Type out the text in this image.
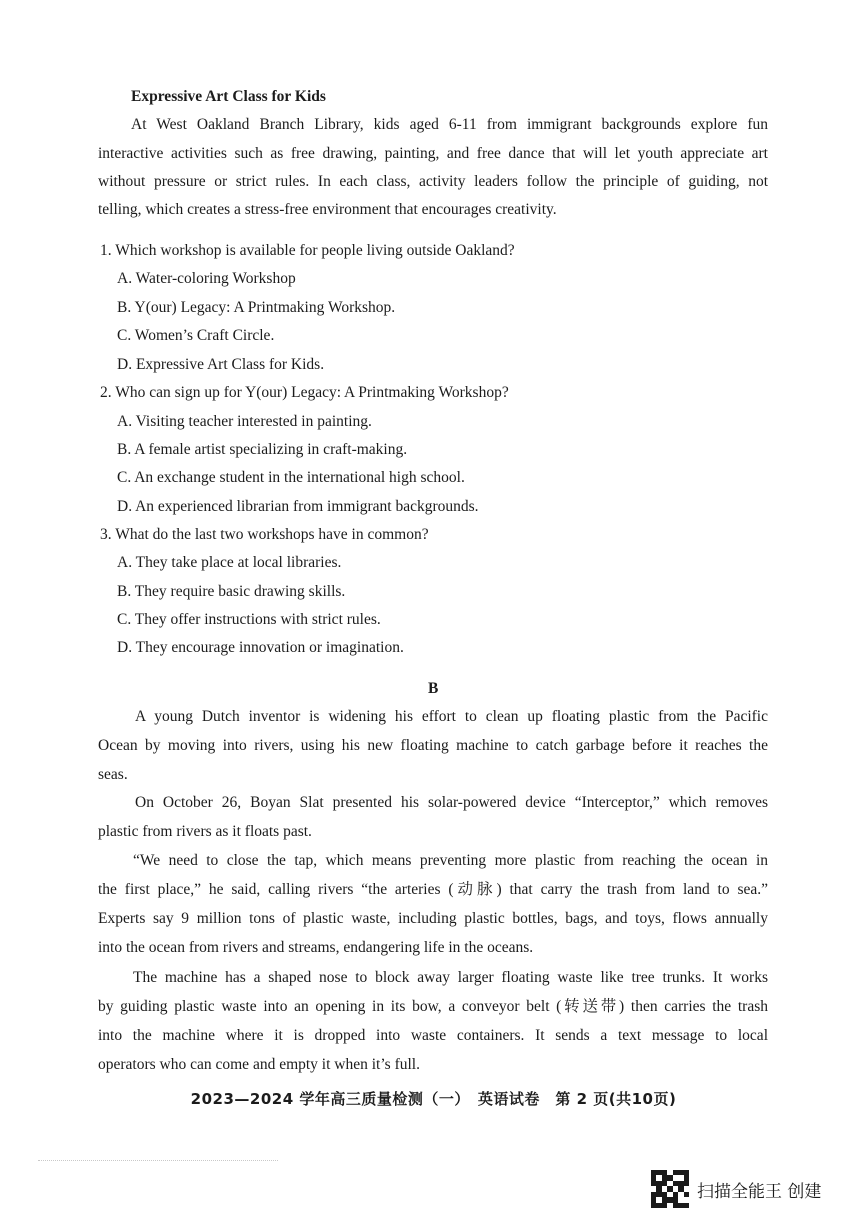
Expressive Art Class for Kids
At West Oakland Branch Library, kids aged 6-11 from immigrant backgrounds explore fun
interactive activities such as free drawing, painting, and free dance that will let youth appreciate art
without pressure or strict rules. In each class, activity leaders follow the principle of guiding, not
telling, which creates a stress-free environment that encourages creativity.
1. Which workshop is available for people living outside Oakland?
A. Water-coloring Workshop
B. Y(our) Legacy: A Printmaking Workshop.
C. Women’s Craft Circle.
D. Expressive Art Class for Kids.
2. Who can sign up for Y(our) Legacy: A Printmaking Workshop?
A. Visiting teacher interested in painting.
B. A female artist specializing in craft-making.
C. An exchange student in the international high school.
D. An experienced librarian from immigrant backgrounds.
3. What do the last two workshops have in common?
A. They take place at local libraries.
B. They require basic drawing skills.
C. They offer instructions with strict rules.
D. They encourage innovation or imagination.
B
A young Dutch inventor is widening his effort to clean up floating plastic from the Pacific
Ocean by moving into rivers, using his new floating machine to catch garbage before it reaches the
seas.
On October 26, Boyan Slat presented his solar-powered device “Interceptor,” which removes
plastic from rivers as it floats past.
“We need to close the tap, which means preventing more plastic from reaching the ocean in
the first place,” he said, calling rivers “the arteries (动脉) that carry the trash from land to sea.”
Experts say 9 million tons of plastic waste, including plastic bottles, bags, and toys, flows annually
into the ocean from rivers and streams, endangering life in the oceans.
The machine has a shaped nose to block away larger floating waste like tree trunks. It works
by guiding plastic waste into an opening in its bow, a conveyor belt (转送带) then carries the trash
into the machine where it is dropped into waste containers. It sends a text message to local
operators who can come and empty it when it’s full.
2023—2024 学年高三质量检测（一）　英语试卷　第 2 页(共10页)
扫描全能王 创建
